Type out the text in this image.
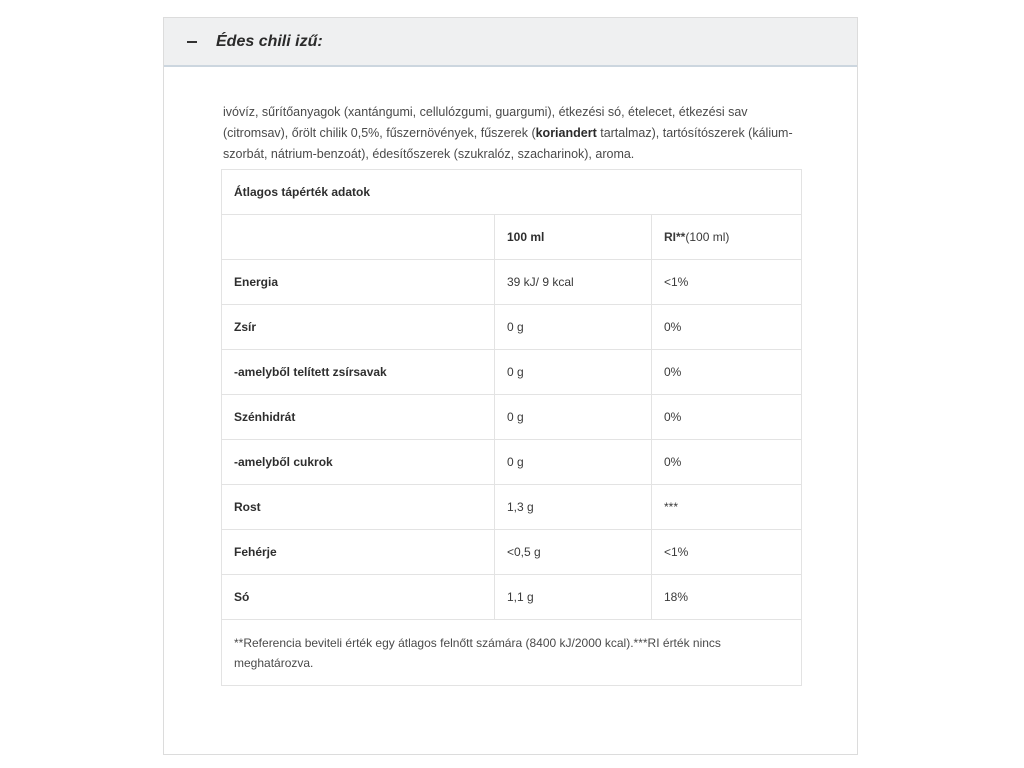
Édes chili izű:
ivóvíz, sűrítőanyagok (xantángumi, cellulózgumi, guargumi), étkezési só, ételecet, étkezési sav (citromsav), őrölt chilik 0,5%, fűszernövények, fűszerek (koriandert tartalmaz), tartósítószerek (kálium-szorbát, nátrium-benzoát), édesítőszerek (szukralóz, szacharinok), aroma.
Átlagos tápérték adatok		
	100 ml	RI**(100 ml)
Energia	39 kJ/ 9 kcal	<1%
Zsír	0 g	0%
-amelyből telített zsírsavak	0 g	0%
Szénhidrát	0 g	0%
-amelyből cukrok	0 g	0%
Rost	1,3 g	***
Fehérje	<0,5 g	<1%
Só	1,1 g	18%
**Referencia beviteli érték egy átlagos felnőtt számára (8400 kJ/2000 kcal).***RI érték nincs meghatározva.		
